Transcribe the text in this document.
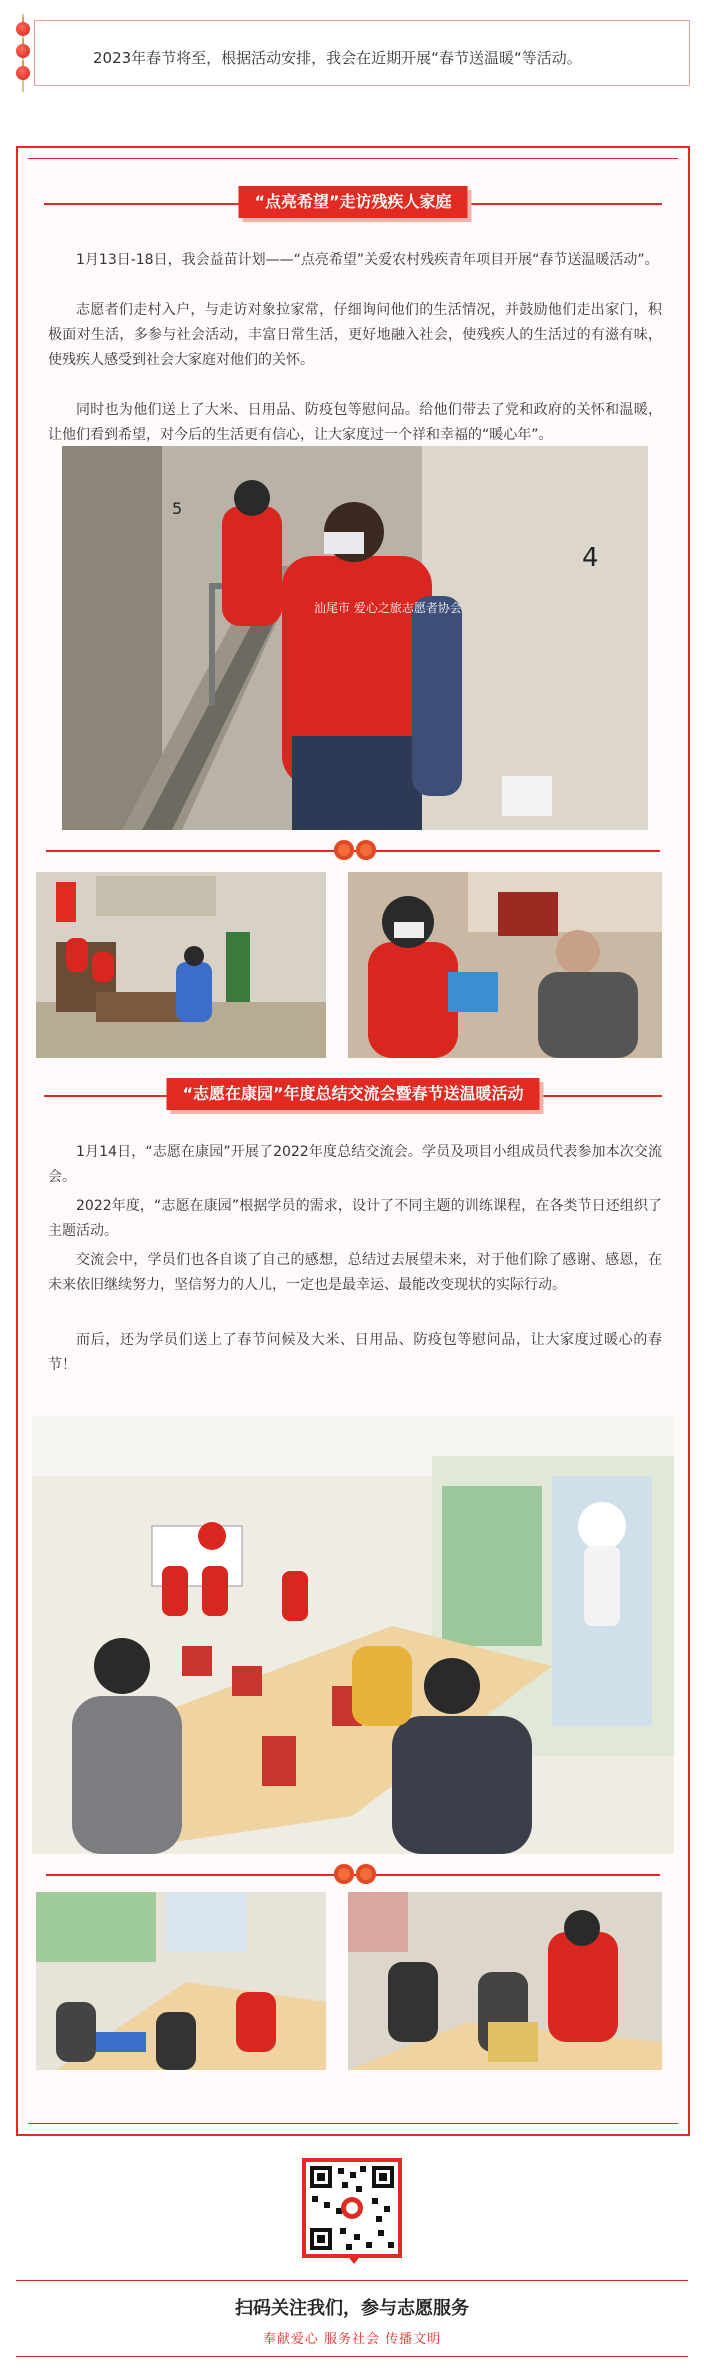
2023年春节将至，根据活动安排，我会在近期开展“春节送温暖“等活动。

“点亮希望”走访残疾人家庭

1月13日-18日，我会益苗计划——“点亮希望”关爱农村残疾青年项目开展“春节送温暖活动”。

志愿者们走村入户，与走访对象拉家常，仔细询问他们的生活情况，并鼓励他们走出家门，积极面对生活，多参与社会活动，丰富日常生活，更好地融入社会，使残疾人的生活过的有滋有味，使残疾人感受到社会大家庭对他们的关怀。

同时也为他们送上了大米、日用品、防疫包等慰问品。给他们带去了党和政府的关怀和温暖，让他们看到希望，对今后的生活更有信心，让大家度过一个祥和幸福的“暖心年”。

汕尾市 爱心之旅志愿者协会
5
4
“志愿在康园”年度总结交流会暨春节送温暖活动

1月14日，“志愿在康园”开展了2022年度总结交流会。学员及项目小组成员代表参加本次交流会。

2022年度，“志愿在康园”根据学员的需求，设计了不同主题的训练课程，在各类节日还组织了主题活动。

交流会中，学员们也各自谈了自己的感想，总结过去展望未来，对于他们除了感谢、感恩，在未来依旧继续努力，坚信努力的人儿，一定也是最幸运、最能改变现状的实际行动。

而后，还为学员们送上了春节问候及大米、日用品、防疫包等慰问品，让大家度过暖心的春节！

扫码关注我们，参与志愿服务
奉献爱心 服务社会 传播文明
